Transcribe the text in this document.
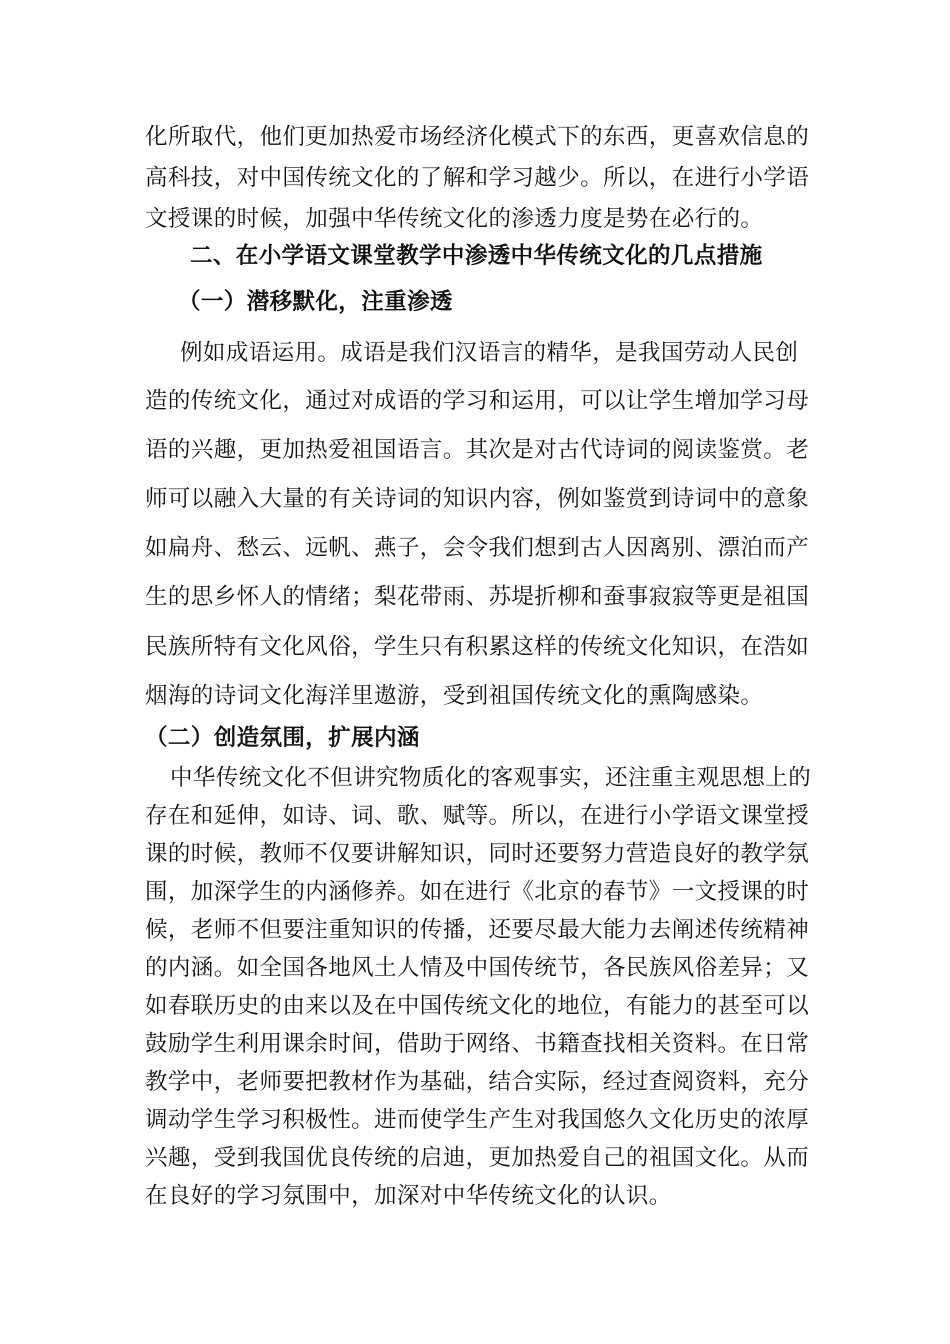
化所取代，他们更加热爱市场经济化模式下的东西，更喜欢信息的
高科技，对中国传统文化的了解和学习越少。所以，在进行小学语
文授课的时候，加强中华传统文化的渗透力度是势在必行的。
二、在小学语文课堂教学中渗透中华传统文化的几点措施
（一）潜移默化，注重渗透
例如成语运用。成语是我们汉语言的精华，是我国劳动人民创
造的传统文化，通过对成语的学习和运用，可以让学生增加学习母
语的兴趣，更加热爱祖国语言。其次是对古代诗词的阅读鉴赏。老
师可以融入大量的有关诗词的知识内容，例如鉴赏到诗词中的意象
如扁舟、愁云、远帆、燕子，会令我们想到古人因离别、漂泊而产
生的思乡怀人的情绪；梨花带雨、苏堤折柳和蚕事寂寂等更是祖国
民族所特有文化风俗，学生只有积累这样的传统文化知识，在浩如
烟海的诗词文化海洋里遨游，受到祖国传统文化的熏陶感染。
（二）创造氛围，扩展内涵
中华传统文化不但讲究物质化的客观事实，还注重主观思想上的
存在和延伸，如诗、词、歌、赋等。所以，在进行小学语文课堂授
课的时候，教师不仅要讲解知识，同时还要努力营造良好的教学氛
围，加深学生的内涵修养。如在进行《北京的春节》一文授课的时
候，老师不但要注重知识的传播，还要尽最大能力去阐述传统精神
的内涵。如全国各地风土人情及中国传统节，各民族风俗差异；又
如春联历史的由来以及在中国传统文化的地位，有能力的甚至可以
鼓励学生利用课余时间，借助于网络、书籍查找相关资料。在日常
教学中，老师要把教材作为基础，结合实际，经过查阅资料，充分
调动学生学习积极性。进而使学生产生对我国悠久文化历史的浓厚
兴趣，受到我国优良传统的启迪，更加热爱自己的祖国文化。从而
在良好的学习氛围中，加深对中华传统文化的认识。
